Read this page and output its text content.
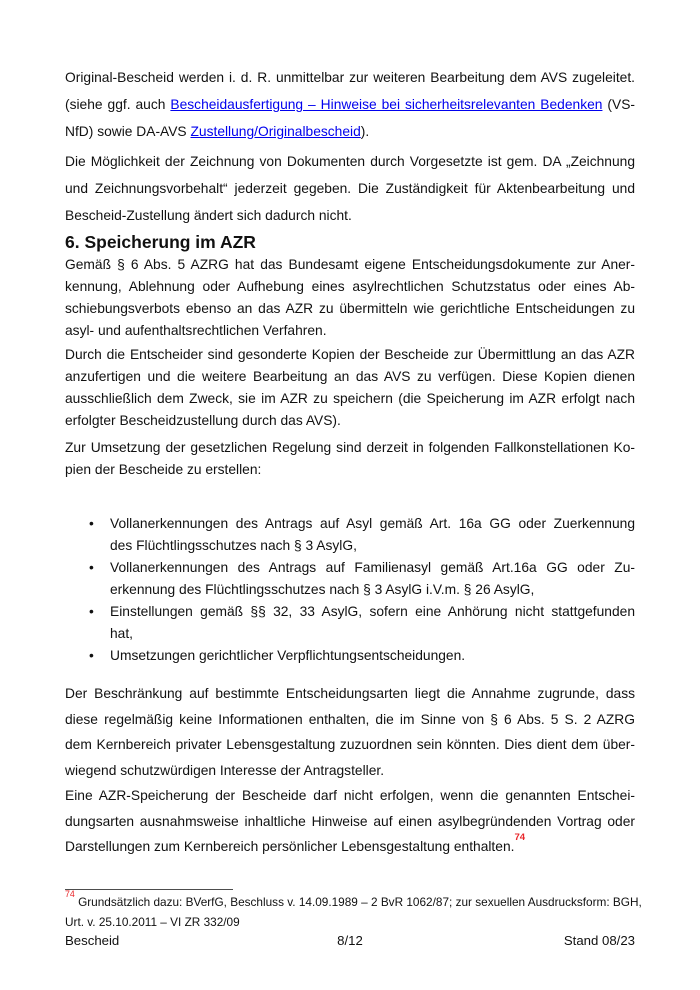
Original-Bescheid werden i. d. R. unmittelbar zur weiteren Bearbeitung dem AVS zugeleitet.
(siehe ggf. auch Bescheidausfertigung – Hinweise bei sicherheitsrelevanten Bedenken (VS-
NfD) sowie DA-AVS Zustellung/Originalbescheid).
Die Möglichkeit der Zeichnung von Dokumenten durch Vorgesetzte ist gem. DA „Zeichnung
und Zeichnungsvorbehalt“ jederzeit gegeben. Die Zuständigkeit für Aktenbearbeitung und
Bescheid-Zustellung ändert sich dadurch nicht.
6. Speicherung im AZR
Gemäß § 6 Abs. 5 AZRG hat das Bundesamt eigene Entscheidungsdokumente zur Aner-
kennung, Ablehnung oder Aufhebung eines asylrechtlichen Schutzstatus oder eines Ab-
schiebungsverbots ebenso an das AZR zu übermitteln wie gerichtliche Entscheidungen zu
asyl- und aufenthaltsrechtlichen Verfahren.
Durch die Entscheider sind gesonderte Kopien der Bescheide zur Übermittlung an das AZR
anzufertigen und die weitere Bearbeitung an das AVS zu verfügen. Diese Kopien dienen
ausschließlich dem Zweck, sie im AZR zu speichern (die Speicherung im AZR erfolgt nach
erfolgter Bescheidzustellung durch das AVS).
Zur Umsetzung der gesetzlichen Regelung sind derzeit in folgenden Fallkonstellationen Ko-
pien der Bescheide zu erstellen:
• Vollanerkennungen des Antrags auf Asyl gemäß Art. 16a GG oder Zuerkennung
des Flüchtlingsschutzes nach § 3 AsylG,
• Vollanerkennungen des Antrags auf Familienasyl gemäß Art.16a GG oder Zu-
erkennung des Flüchtlingsschutzes nach § 3 AsylG i.V.m. § 26 AsylG,
• Einstellungen gemäß §§ 32, 33 AsylG, sofern eine Anhörung nicht stattgefunden
hat,
• Umsetzungen gerichtlicher Verpflichtungsentscheidungen.
Der Beschränkung auf bestimmte Entscheidungsarten liegt die Annahme zugrunde, dass
diese regelmäßig keine Informationen enthalten, die im Sinne von § 6 Abs. 5 S. 2 AZRG
dem Kernbereich privater Lebensgestaltung zuzuordnen sein könnten. Dies dient dem über-
wiegend schutzwürdigen Interesse der Antragsteller.
Eine AZR-Speicherung der Bescheide darf nicht erfolgen, wenn die genannten Entschei-
dungsarten ausnahmsweise inhaltliche Hinweise auf einen asylbegründenden Vortrag oder
Darstellungen zum Kernbereich persönlicher Lebensgestaltung enthalten.$^{74}$
$^{74}$ Grundsätzlich dazu: BVerfG, Beschluss v. 14.09.1989 – 2 BvR 1062/87; zur sexuellen Ausdrucksform: BGH, Urt. v. 25.10.2011 – VI ZR 332/09
Bescheid	8/12	Stand 08/23
